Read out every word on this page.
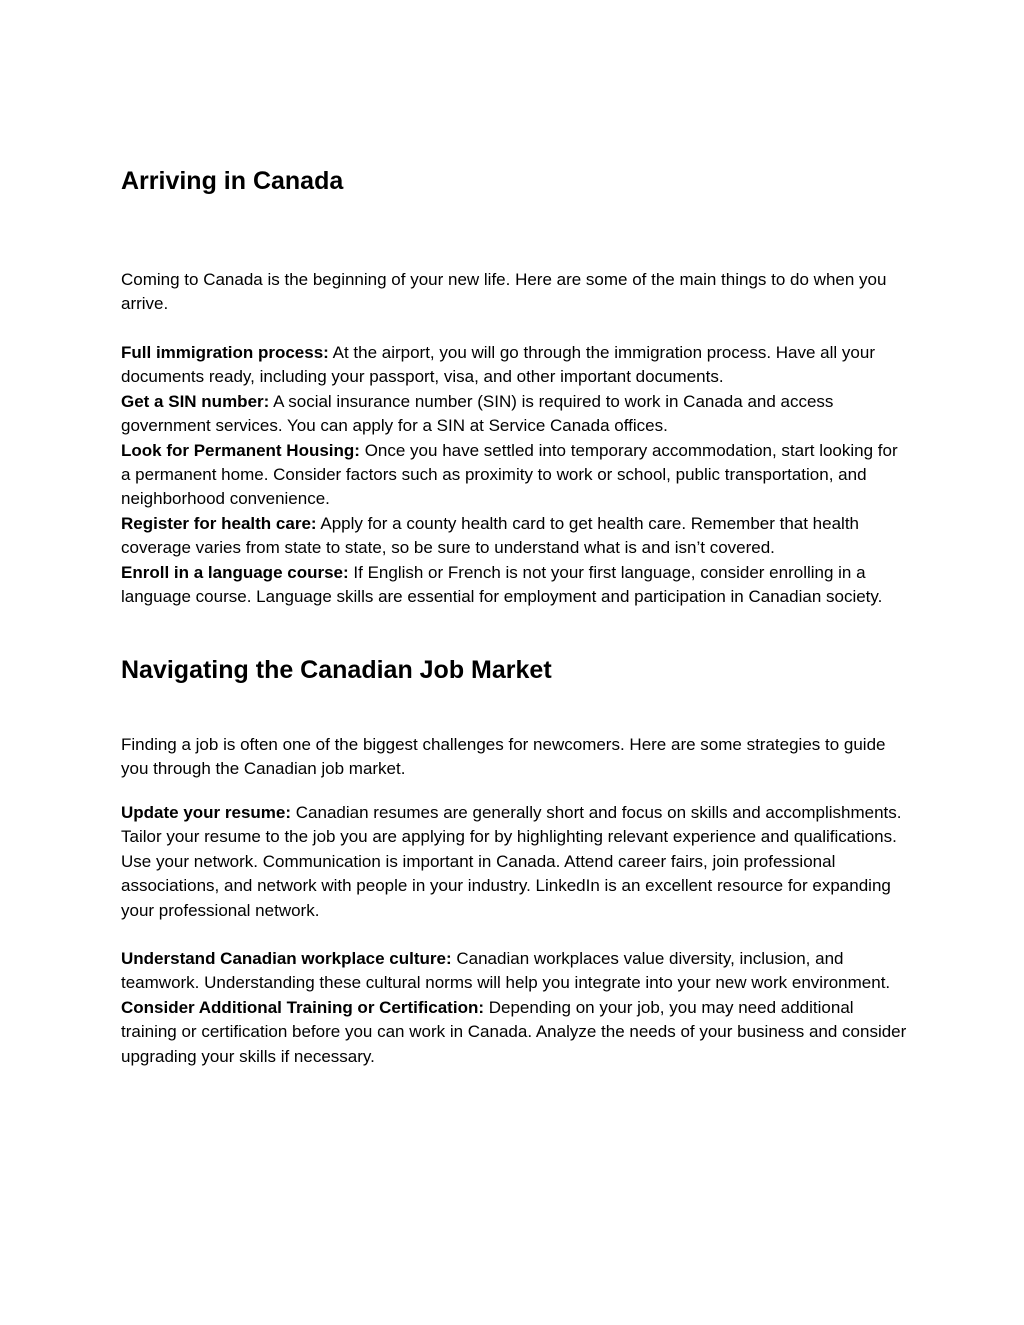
Arriving in Canada

Coming to Canada is the beginning of your new life. Here are some of the main things to do when you arrive.

Full immigration process: At the airport, you will go through the immigration process. Have all your documents ready, including your passport, visa, and other important documents.
Get a SIN number: A social insurance number (SIN) is required to work in Canada and access government services. You can apply for a SIN at Service Canada offices.
Look for Permanent Housing: Once you have settled into temporary accommodation, start looking for a permanent home. Consider factors such as proximity to work or school, public transportation, and neighborhood convenience.
Register for health care: Apply for a county health card to get health care. Remember that health coverage varies from state to state, so be sure to understand what is and isn’t covered.
Enroll in a language course: If English or French is not your first language, consider enrolling in a language course. Language skills are essential for employment and participation in Canadian society.
Navigating the Canadian Job Market

Finding a job is often one of the biggest challenges for newcomers. Here are some strategies to guide you through the Canadian job market.

Update your resume: Canadian resumes are generally short and focus on skills and accomplishments. Tailor your resume to the job you are applying for by highlighting relevant experience and qualifications. Use your network. Communication is important in Canada. Attend career fairs, join professional associations, and network with people in your industry. LinkedIn is an excellent resource for expanding your professional network.

Understand Canadian workplace culture: Canadian workplaces value diversity, inclusion, and teamwork. Understanding these cultural norms will help you integrate into your new work environment.
Consider Additional Training or Certification: Depending on your job, you may need additional training or certification before you can work in Canada. Analyze the needs of your business and consider upgrading your skills if necessary.
